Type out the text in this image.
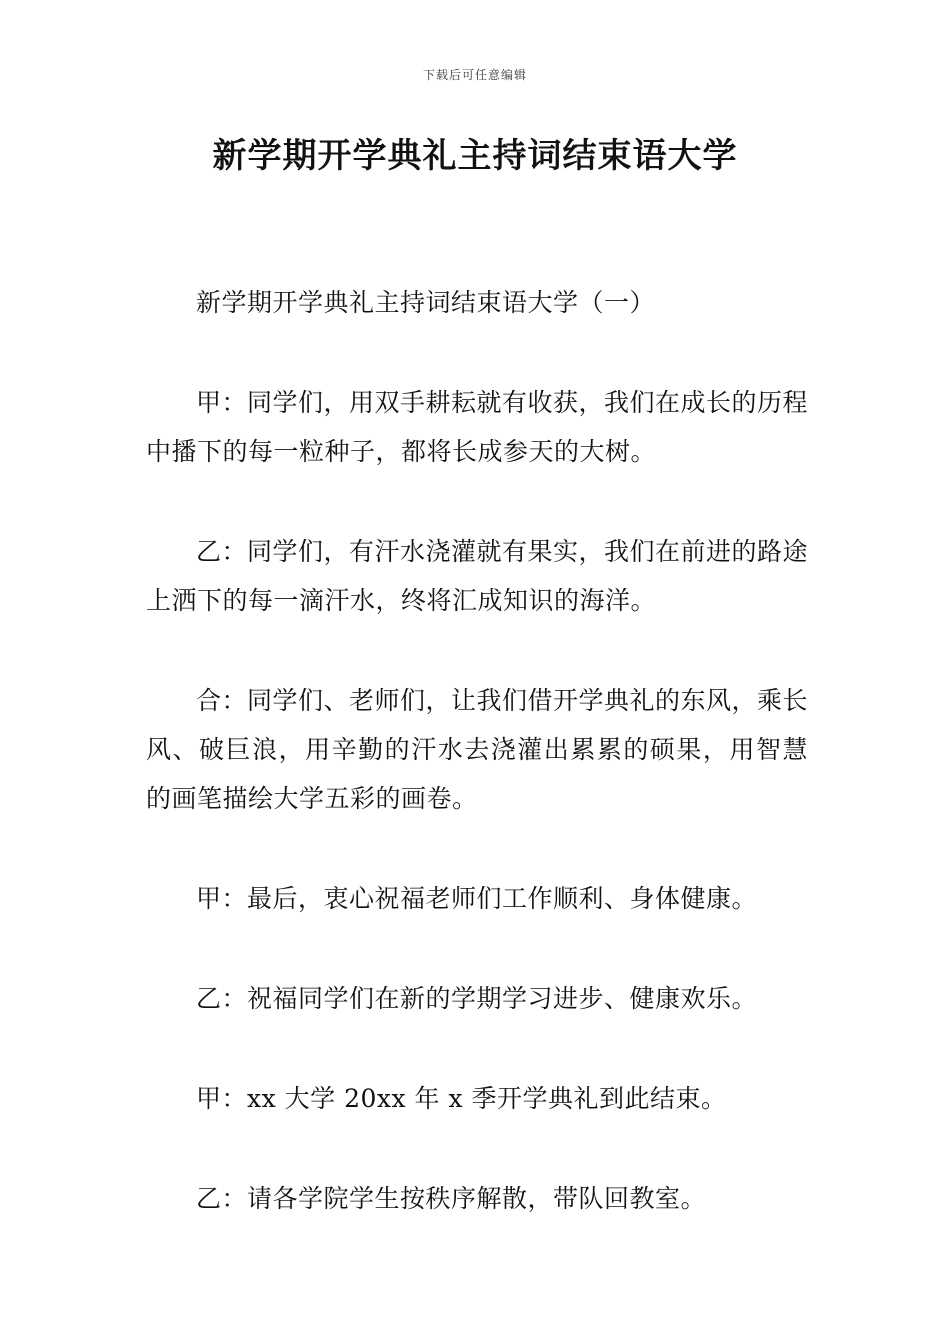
下载后可任意编辑
新学期开学典礼主持词结束语大学

新学期开学典礼主持词结束语大学（一）

甲：同学们，用双手耕耘就有收获，我们在成长的历程中播下的每一粒种子，都将长成参天的大树。

乙：同学们，有汗水浇灌就有果实，我们在前进的路途上洒下的每一滴汗水，终将汇成知识的海洋。

合：同学们、老师们，让我们借开学典礼的东风，乘长风、破巨浪，用辛勤的汗水去浇灌出累累的硕果，用智慧的画笔描绘大学五彩的画卷。

甲：最后，衷心祝福老师们工作顺利、身体健康。

乙：祝福同学们在新的学期学习进步、健康欢乐。

甲：xx 大学 20xx 年 x 季开学典礼到此结束。

乙：请各学院学生按秩序解散，带队回教室。
